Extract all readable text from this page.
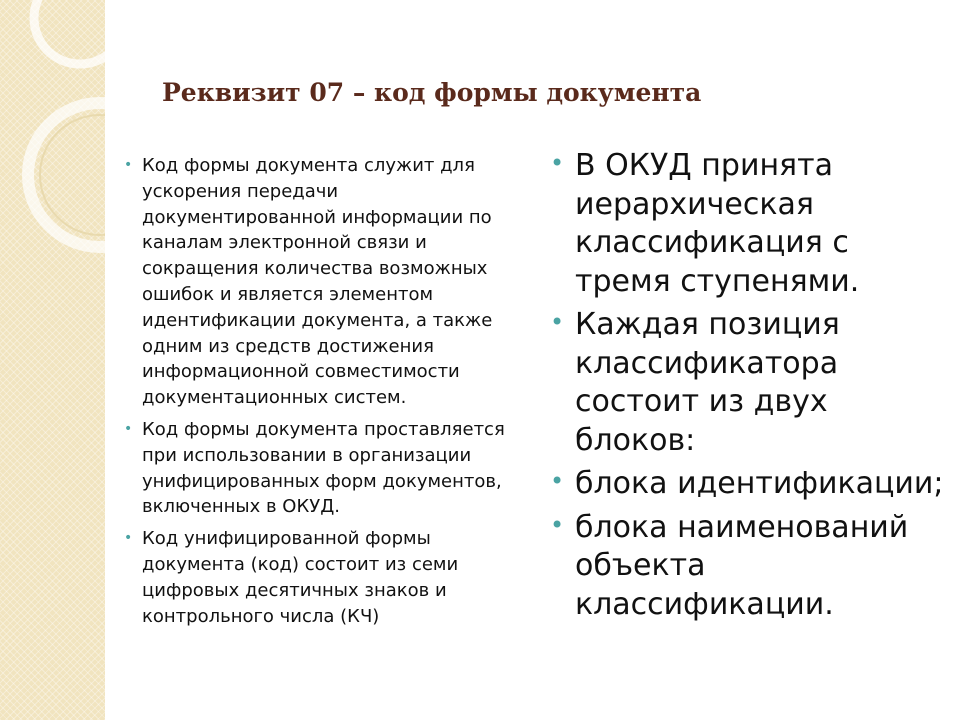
Реквизит 07 – код формы документа
• Код формы документа служит для ускорения передачи документированной информации по каналам электронной связи и сокращения количества возможных ошибок и является элементом идентификации документа, а также одним из средств достижения информационной совместимости документационных систем.
• Код формы документа проставляется при использовании в организации унифицированных форм документов, включенных в ОКУД.
• Код унифицированной формы документа (код) состоит из семи цифровых десятичных знаков и контрольного числа (КЧ)
• В ОКУД принята иерархическая классификация с тремя ступенями.
• Каждая позиция классификатора состоит из двух блоков:
• блока идентификации;
• блока наименований объекта классификации.
